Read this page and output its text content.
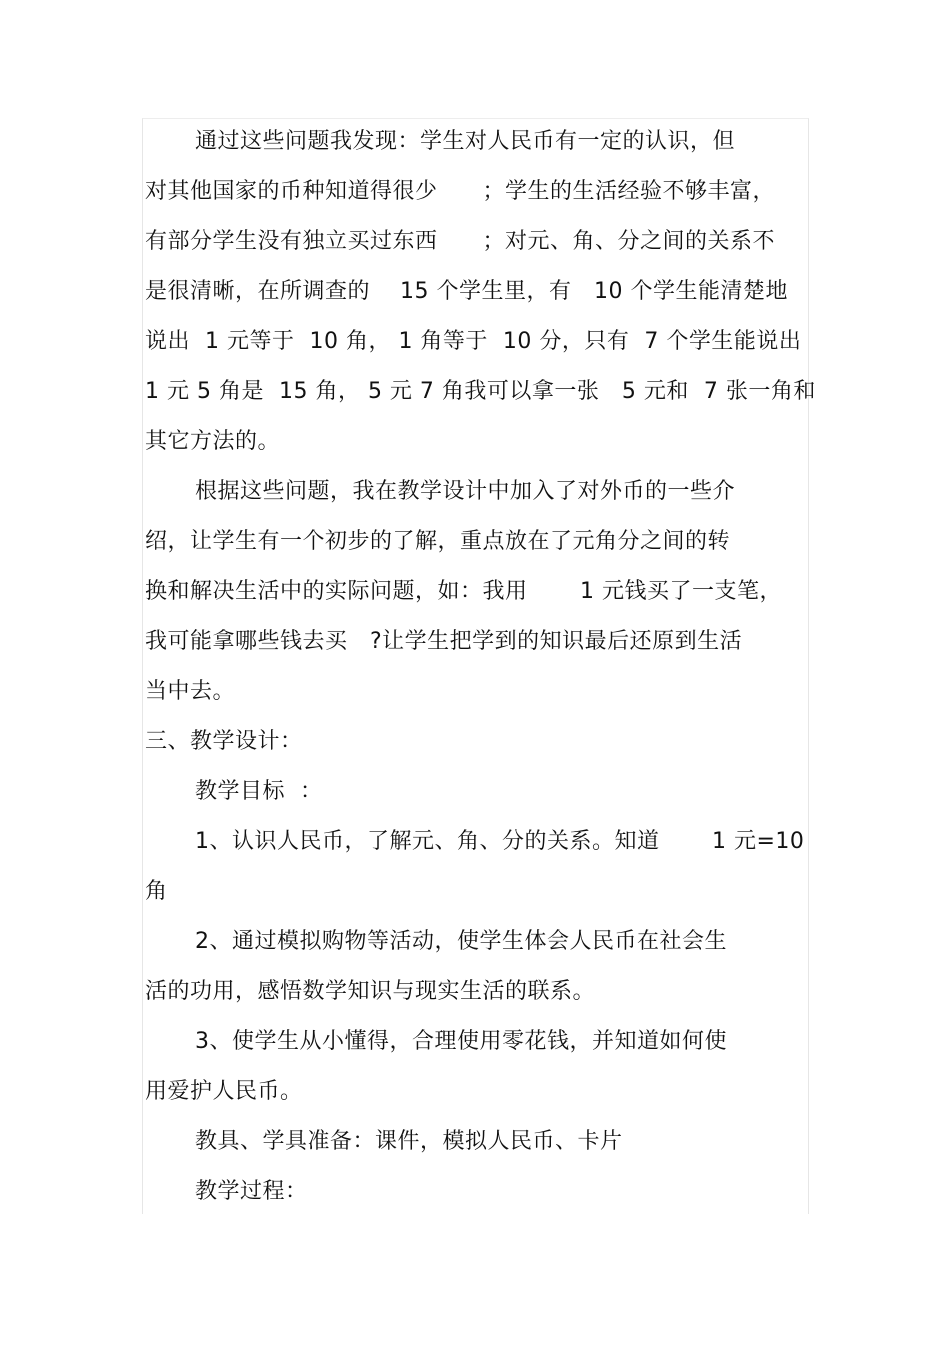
通过这些问题我发现：学生对人民币有一定的认识，但
对其他国家的币种知道得很少　　；学生的生活经验不够丰富，
有部分学生没有独立买过东西　　；对元、角、分之间的关系不
是很清晰，在所调查的　 15 个学生里，有　10 个学生能清楚地
说出  1 元等于  10 角， 1 角等于  10 分，只有  7 个学生能说出
1 元 5 角是  15 角， 5 元 7 角我可以拿一张　5 元和  7 张一角和
其它方法的。
根据这些问题，我在教学设计中加入了对外币的一些介
绍，让学生有一个初步的了解，重点放在了元角分之间的转
换和解决生活中的实际问题，如：我用　　 1 元钱买了一支笔，
我可能拿哪些钱去买　?让学生把学到的知识最后还原到生活
当中去。
三、教学设计：
教学目标  ：
1、认识人民币，了解元、角、分的关系。知道　　 1 元=10
角
2、通过模拟购物等活动，使学生体会人民币在社会生
活的功用，感悟数学知识与现实生活的联系。
3、使学生从小懂得，合理使用零花钱，并知道如何使
用爱护人民币。
教具、学具准备：课件，模拟人民币、卡片
教学过程：
